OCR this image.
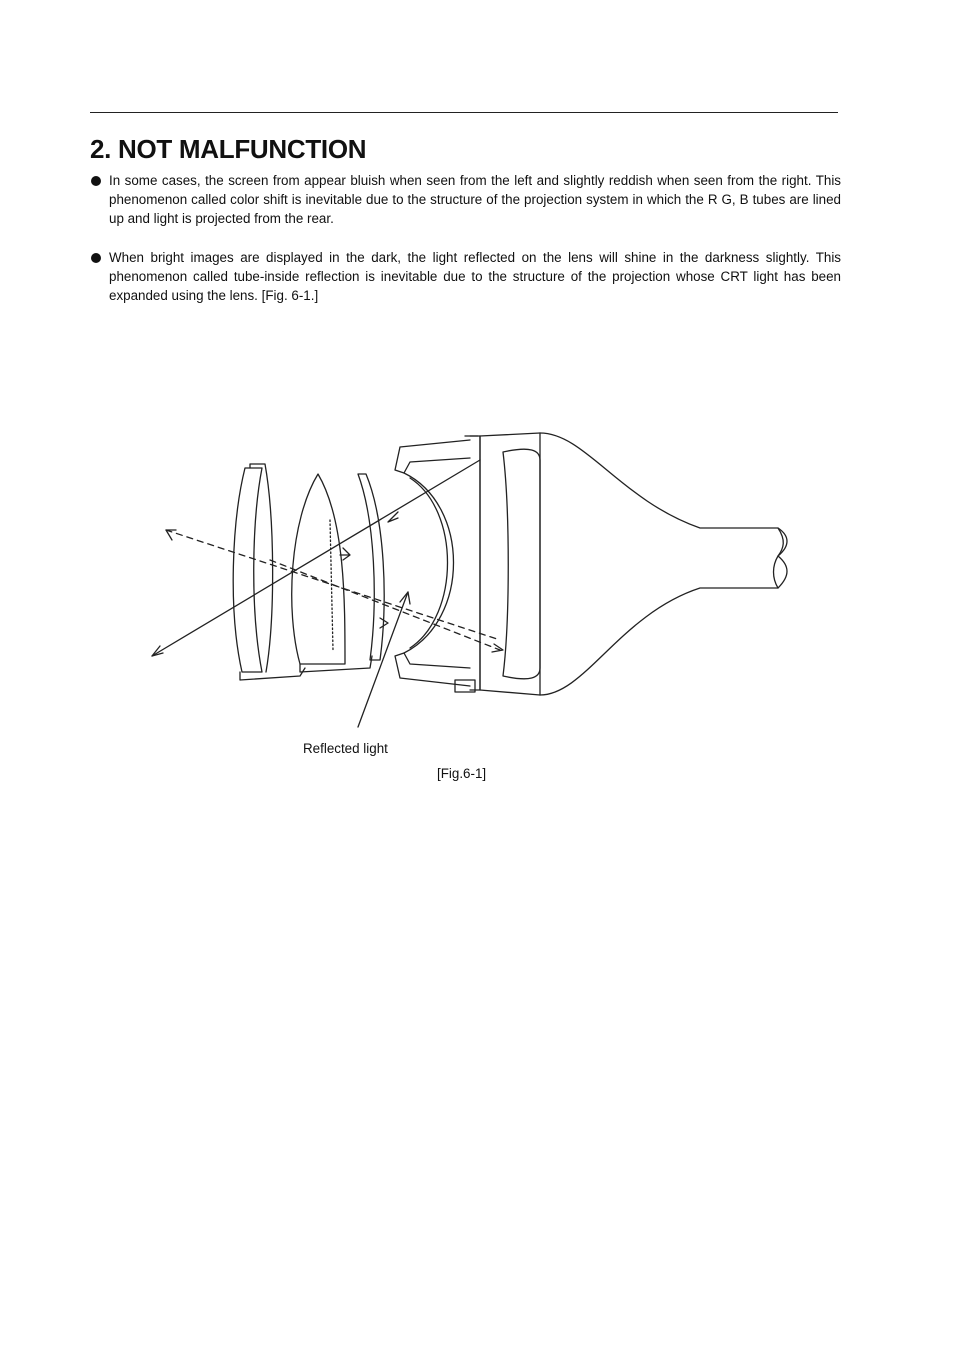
2. NOT MALFUNCTION
In some cases, the screen from appear bluish when seen from the left and slightly reddish when seen from the right. This phenomenon called color shift is inevitable due to the structure of the projection system in which the R G, B tubes are lined up and light is projected from the rear.
When bright images are displayed in the dark, the light reflected on the lens will shine in the darkness slightly. This phenomenon called tube-inside reflection is inevitable due to the structure of the projection whose CRT light has been expanded using the lens. [Fig. 6-1.]
Reflected light
[Fig.6-1]
